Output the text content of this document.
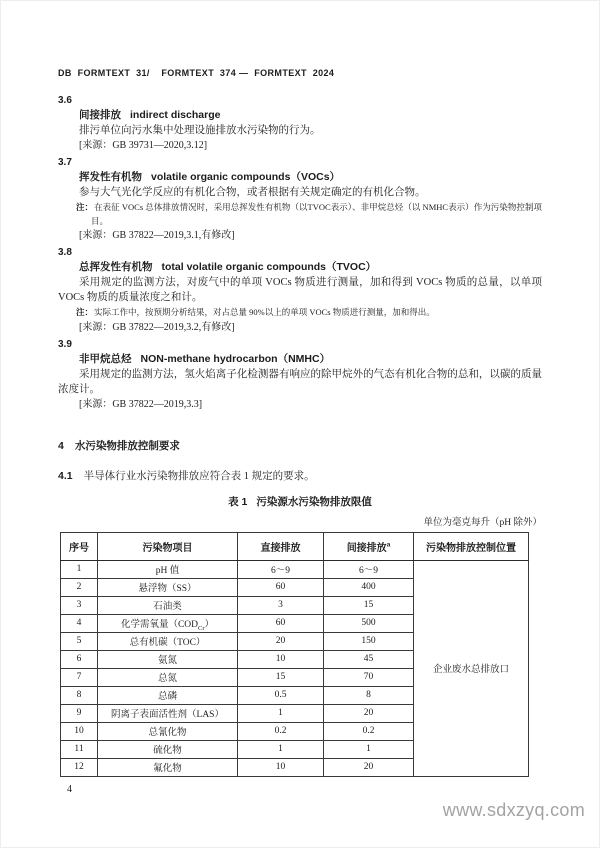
DB  FORMTEXT  31/    FORMTEXT  374 —  FORMTEXT  2024
3.6
间接排放 indirect discharge

排污单位向污水集中处理设施排放水污染物的行为。

[来源：GB 39731—2020,3.12]

3.7
挥发性有机物 volatile organic compounds（VOCs）

参与大气光化学反应的有机化合物，或者根据有关规定确定的有机化合物。

注：在表征 VOCs 总体排放情况时，采用总挥发性有机物（以TVOC表示）、非甲烷总烃（以 NMHC表示）作为污染物控制项目。

[来源：GB 37822—2019,3.1,有修改]

3.8
总挥发性有机物 total volatile organic compounds（TVOC）

采用规定的监测方法，对废气中的单项 VOCs 物质进行测量，加和得到 VOCs 物质的总量，以单项 VOCs 物质的质量浓度之和计。

注：实际工作中，按预期分析结果，对占总量 90%以上的单项 VOCs 物质进行测量，加和得出。

[来源：GB 37822—2019,3.2,有修改]

3.9
非甲烷总烃 NON-methane hydrocarbon（NMHC）

采用规定的监测方法，氢火焰离子化检测器有响应的除甲烷外的气态有机化合物的总和，以碳的质量浓度计。

[来源：GB 37822—2019,3.3]

4 水污染物排放控制要求

4.1 半导体行业水污染物排放应符合表 1 规定的要求。

表 1 污染源水污染物排放限值

单位为毫克每升（pH 除外）

序号	污染物项目	直接排放	间接排放$^a$	污染物排放控制位置
1	pH 值	6～9	6～9	企业废水总排放口
2	悬浮物（SS）	60	400	
3	石油类	3	15	
4	化学需氧量$(COD_{Cr})$	60	500	
5	总有机碳（TOC）	20	150	
6	氨氮	10	45	
7	总氮	15	70	
8	总磷	0.5	8	
9	阴离子表面活性剂（LAS）	1	20	
10	总氰化物	0.2	0.2	
11	硫化物	1	1	
12	氟化物	10	20	
4
www.sdxzyq.com
